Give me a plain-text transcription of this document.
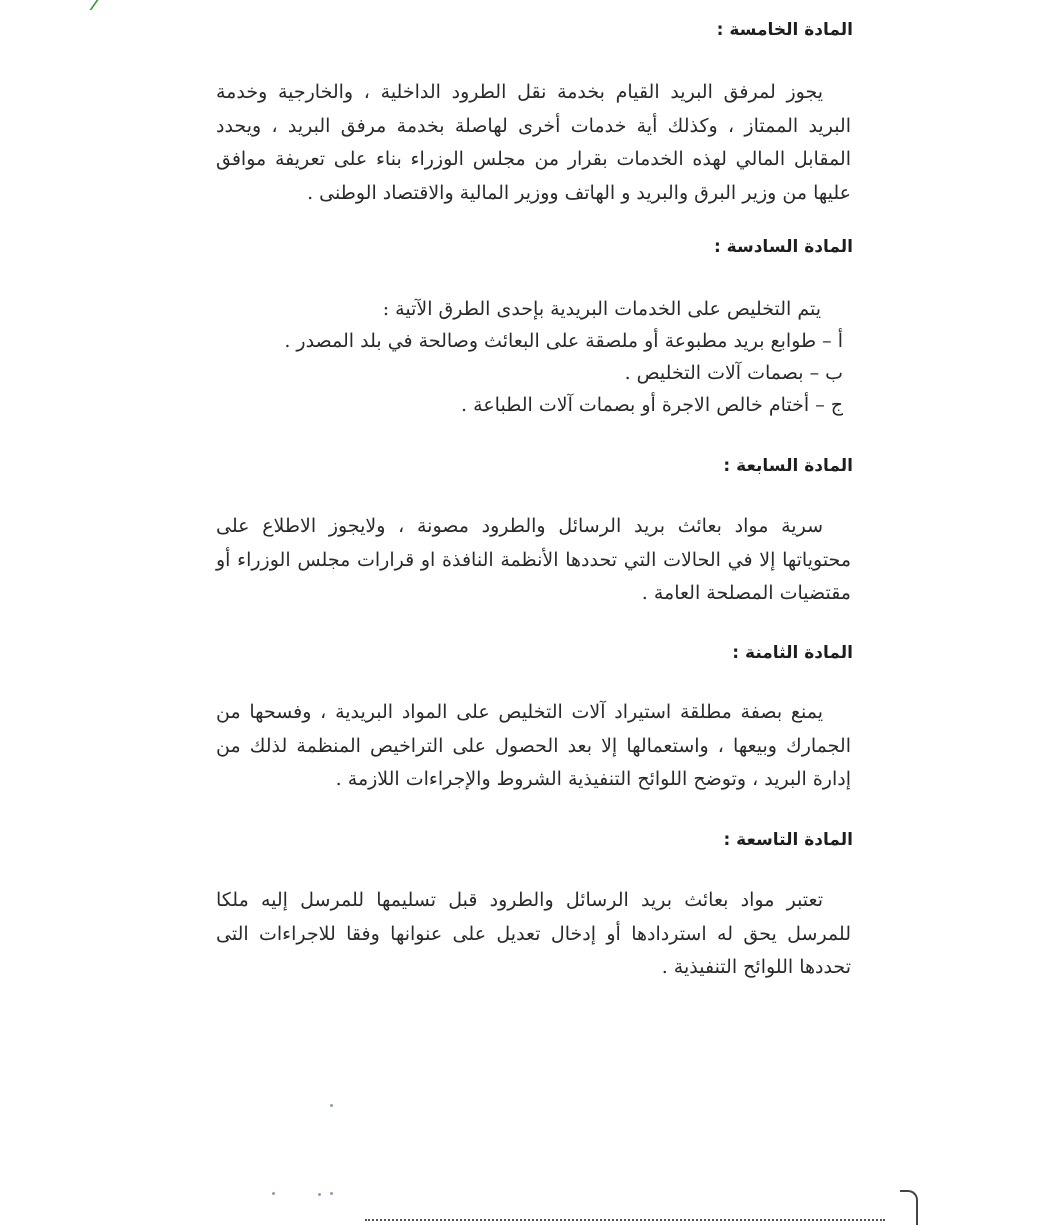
المادة الخامسة :

يجوز لمرفق البريد القيام بخدمة نقل الطرود الداخلية ، والخارجية وخدمة البريد الممتاز ، وكذلك أية خدمات أخرى لهاصلة بخدمة مرفق البريد ، ويحدد المقابل المالي لهذه الخدمات بقرار من مجلس الوزراء بناء على تعريفة موافق عليها من وزير البرق والبريد و الهاتف ووزير المالية والاقتصاد الوطنى .

المادة السادسة :
يتم التخليص على الخدمات البريدية بإحدى الطرق الآتية :
أ – طوابع بريد مطبوعة أو ملصقة على البعائث وصالحة في بلد المصدر .
ب – بصمات آلات التخليص .
ج – أختام خالص الاجرة أو بصمات آلات الطباعة .
المادة السابعة :

سرية مواد بعائث بريد الرسائل والطرود مصونة ، ولايجوز الاطلاع على محتوياتها إلا في الحالات التي تحددها الأنظمة النافذة او قرارات مجلس الوزراء أو مقتضيات المصلحة العامة .

المادة الثامنة :

يمنع بصفة مطلقة استيراد آلات التخليص على المواد البريدية ، وفسحها من الجمارك وبيعها ، واستعمالها إلا بعد الحصول على التراخيص المنظمة لذلك من إدارة البريد ، وتوضح اللوائح التنفيذية الشروط والإجراءات اللازمة .

المادة التاسعة :

تعتبر مواد بعائث بريد الرسائل والطرود قبل تسليمها للمرسل إليه ملكا للمرسل يحق له استردادها أو إدخال تعديل على عنوانها وفقا للاجراءات التى تحددها اللوائح التنفيذية .
